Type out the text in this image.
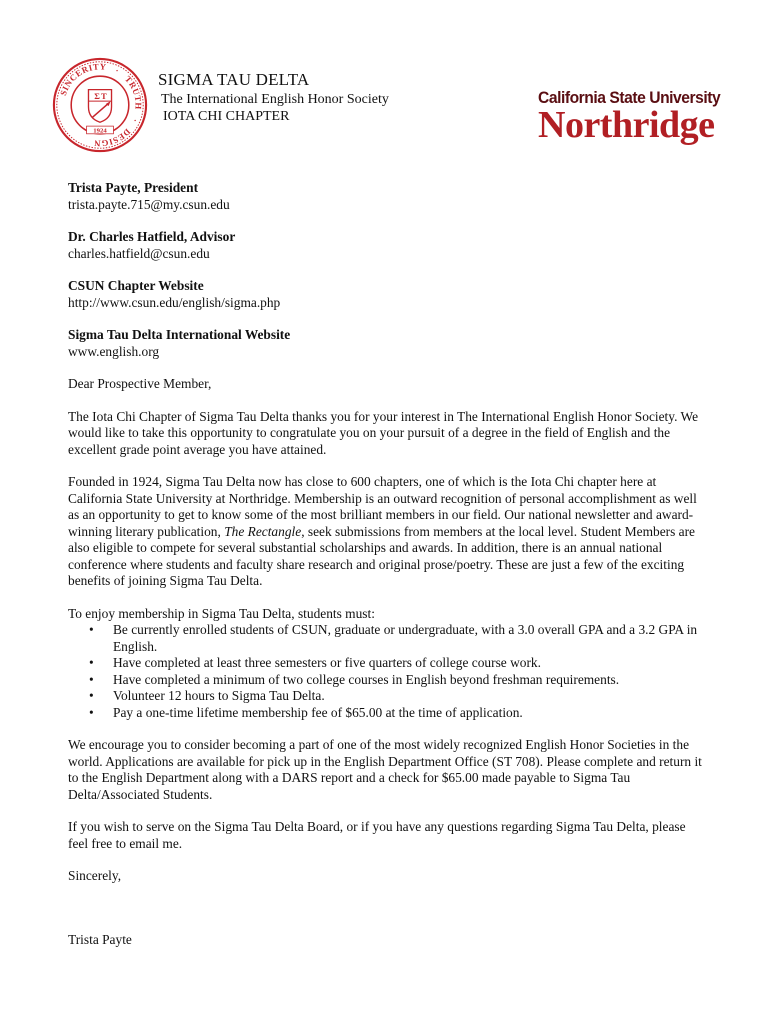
SINCERITY · TRUTH · DESIGN
Σ Τ
1924
SIGMA TAU DELTA
The International English Honor Society
IOTA CHI CHAPTER
California State University
Northridge
Trista Payte, President
trista.payte.715@my.csun.edu
Dr. Charles Hatfield, Advisor
charles.hatfield@csun.edu
CSUN Chapter Website
http://www.csun.edu/english/sigma.php
Sigma Tau Delta International Website
www.english.org

Dear Prospective Member,

The Iota Chi Chapter of Sigma Tau Delta thanks you for your interest in The International English Honor Society. We would like to take this opportunity to congratulate you on your pursuit of a degree in the field of English and the excellent grade point average you have attained.

Founded in 1924, Sigma Tau Delta now has close to 600 chapters, one of which is the Iota Chi chapter here at California State University at Northridge. Membership is an outward recognition of personal accomplishment as well as an opportunity to get to know some of the most brilliant members in our field. Our national newsletter and award-winning literary publication, The Rectangle, seek submissions from members at the local level. Student Members are also eligible to compete for several substantial scholarships and awards. In addition, there is an annual national conference where students and faculty share research and original prose/poetry. These are just a few of the exciting benefits of joining Sigma Tau Delta.

To enjoy membership in Sigma Tau Delta, students must:

• Be currently enrolled students of CSUN, graduate or undergraduate, with a 3.0 overall GPA and a 3.2 GPA in English.
• Have completed at least three semesters or five quarters of college course work.
• Have completed a minimum of two college courses in English beyond freshman requirements.
• Volunteer 12 hours to Sigma Tau Delta.
• Pay a one-time lifetime membership fee of $65.00 at the time of application.

We encourage you to consider becoming a part of one of the most widely recognized English Honor Societies in the world. Applications are available for pick up in the English Department Office (ST 708). Please complete and return it to the English Department along with a DARS report and a check for $65.00 made payable to Sigma Tau Delta/Associated Students.

If you wish to serve on the Sigma Tau Delta Board, or if you have any questions regarding Sigma Tau Delta, please feel free to email me.

Sincerely,

Trista Payte
